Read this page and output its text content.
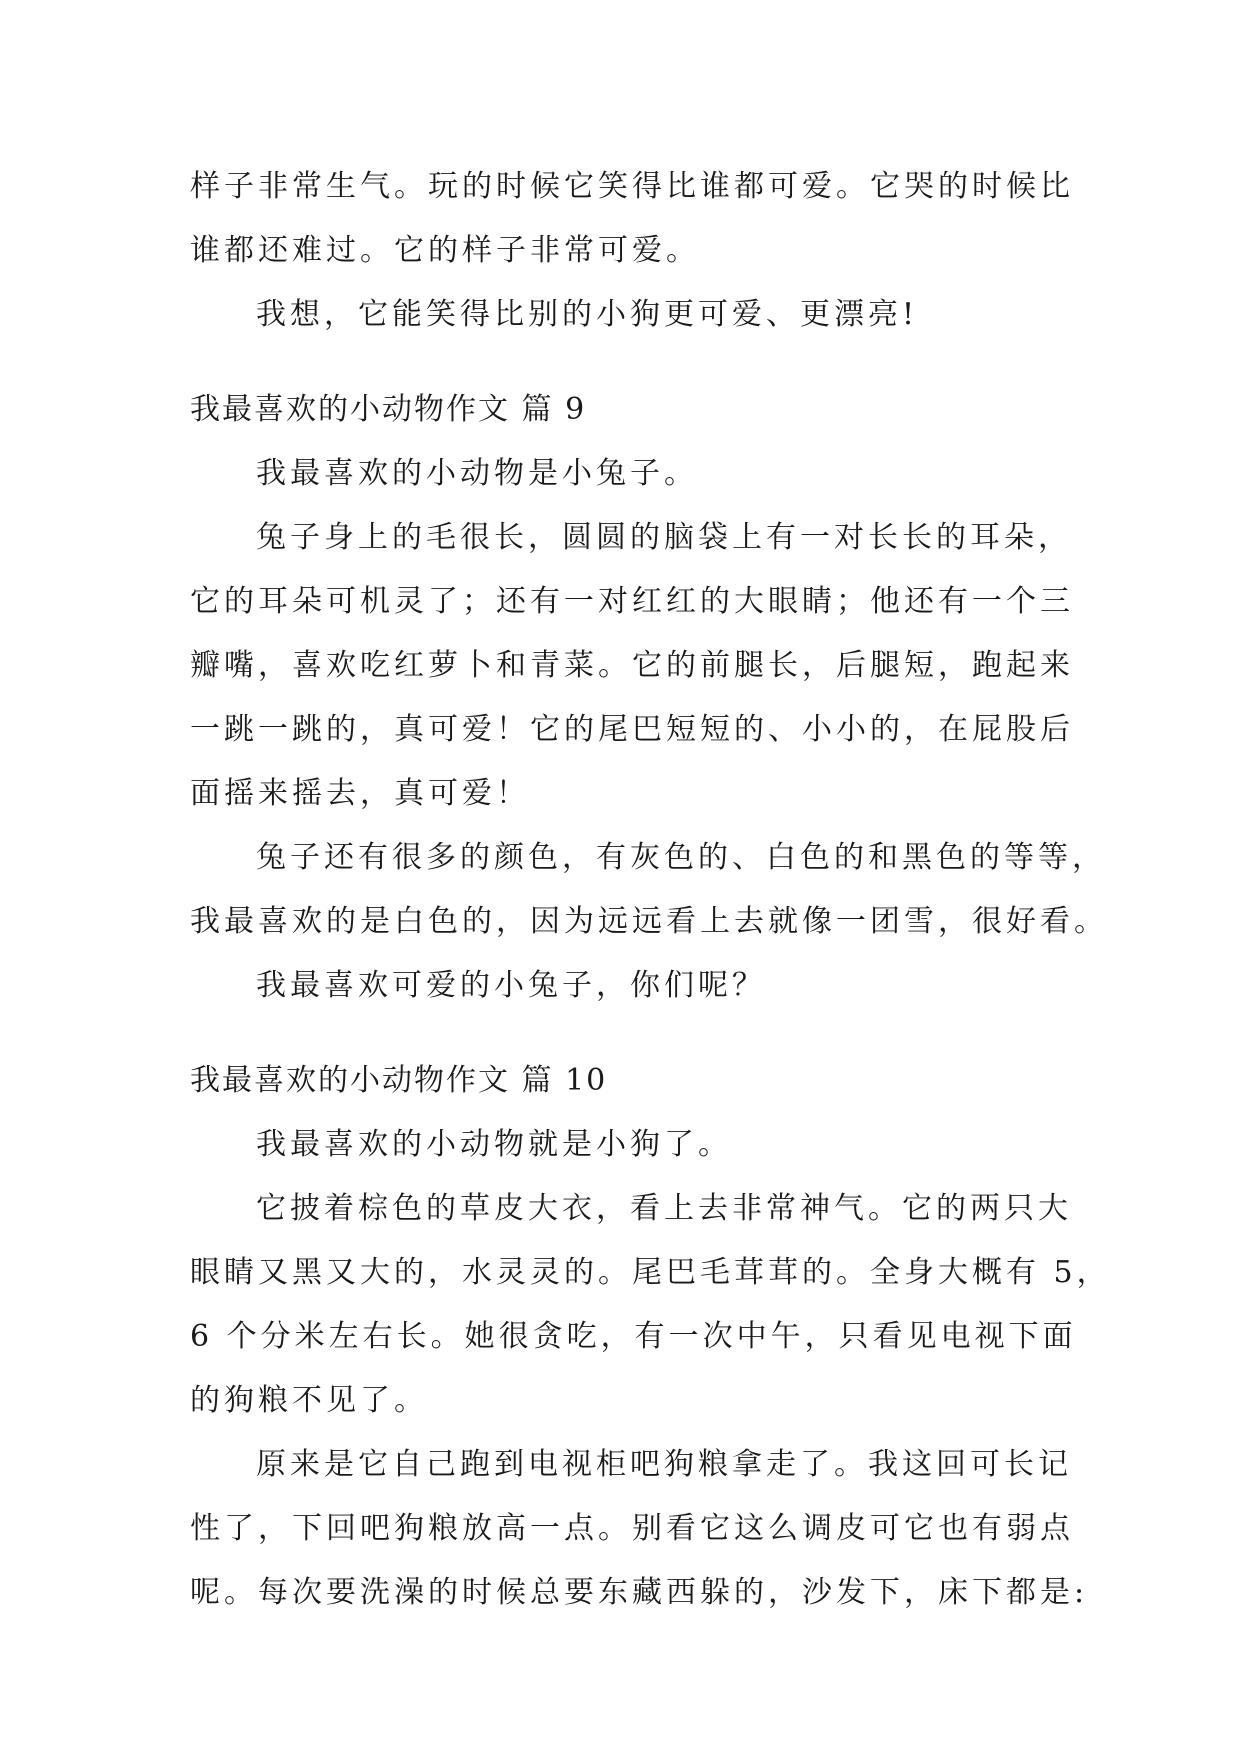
样子非常生气。玩的时候它笑得比谁都可爱。它哭的时候比
谁都还难过。它的样子非常可爱。
我想，它能笑得比别的小狗更可爱、更漂亮!
我最喜欢的小动物作文 篇 9
我最喜欢的小动物是小兔子。
兔子身上的毛很长，圆圆的脑袋上有一对长长的耳朵，
它的耳朵可机灵了；还有一对红红的大眼睛；他还有一个三
瓣嘴，喜欢吃红萝卜和青菜。它的前腿长，后腿短，跑起来
一跳一跳的，真可爱！它的尾巴短短的、小小的，在屁股后
面摇来摇去，真可爱！
兔子还有很多的颜色，有灰色的、白色的和黑色的等等，
我最喜欢的是白色的，因为远远看上去就像一团雪，很好看。
我最喜欢可爱的小兔子，你们呢？
我最喜欢的小动物作文 篇 10
我最喜欢的小动物就是小狗了。
它披着棕色的草皮大衣，看上去非常神气。它的两只大
眼睛又黑又大的，水灵灵的。尾巴毛茸茸的。全身大概有 5，
6 个分米左右长。她很贪吃，有一次中午，只看见电视下面
的狗粮不见了。
原来是它自己跑到电视柜吧狗粮拿走了。我这回可长记
性了，下回吧狗粮放高一点。别看它这么调皮可它也有弱点
呢。每次要洗澡的时候总要东藏西躲的，沙发下，床下都是:
